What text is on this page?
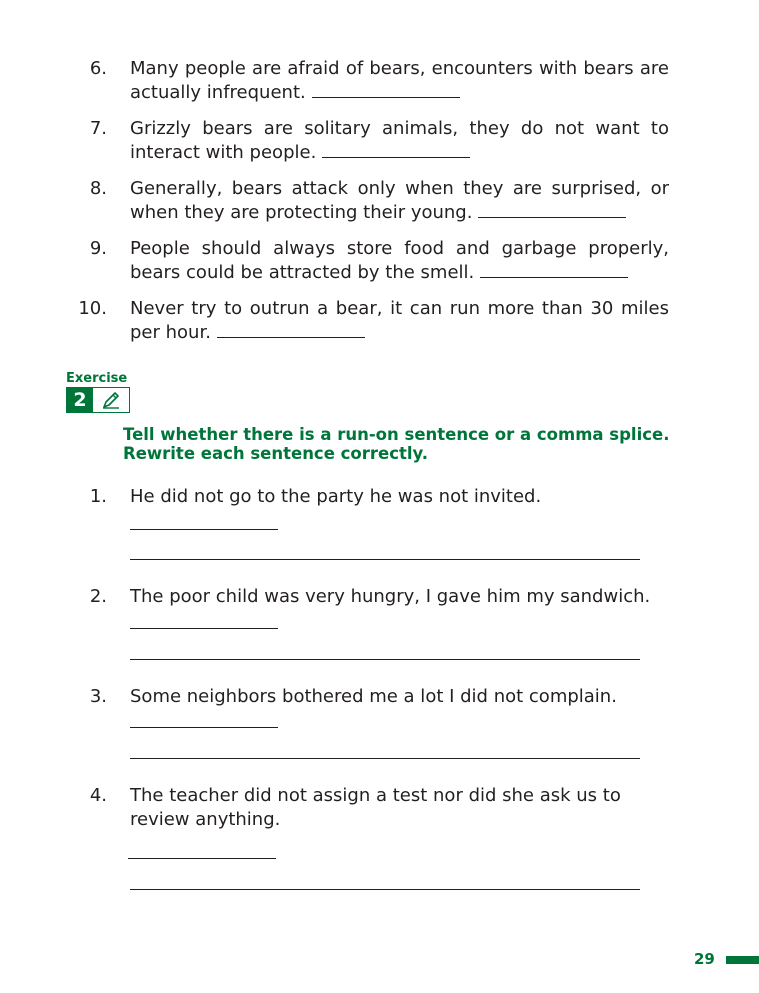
6. Many people are afraid of bears, encounters with bears are actually infrequent.
7. Grizzly bears are solitary animals, they do not want to interact with people.
8. Generally, bears attack only when they are surprised, or when they are protecting their young.
9. People should always store food and garbage properly, bears could be attracted by the smell.
10. Never try to outrun a bear, it can run more than 30 miles per hour.
Exercise
2
Tell whether there is a run-on sentence or a comma splice. Rewrite each sentence correctly.
1. He did not go to the party he was not invited.
2. The poor child was very hungry, I gave him my sandwich.
3. Some neighbors bothered me a lot I did not complain.
4. The teacher did not assign a test nor did she ask us to review anything.
29
